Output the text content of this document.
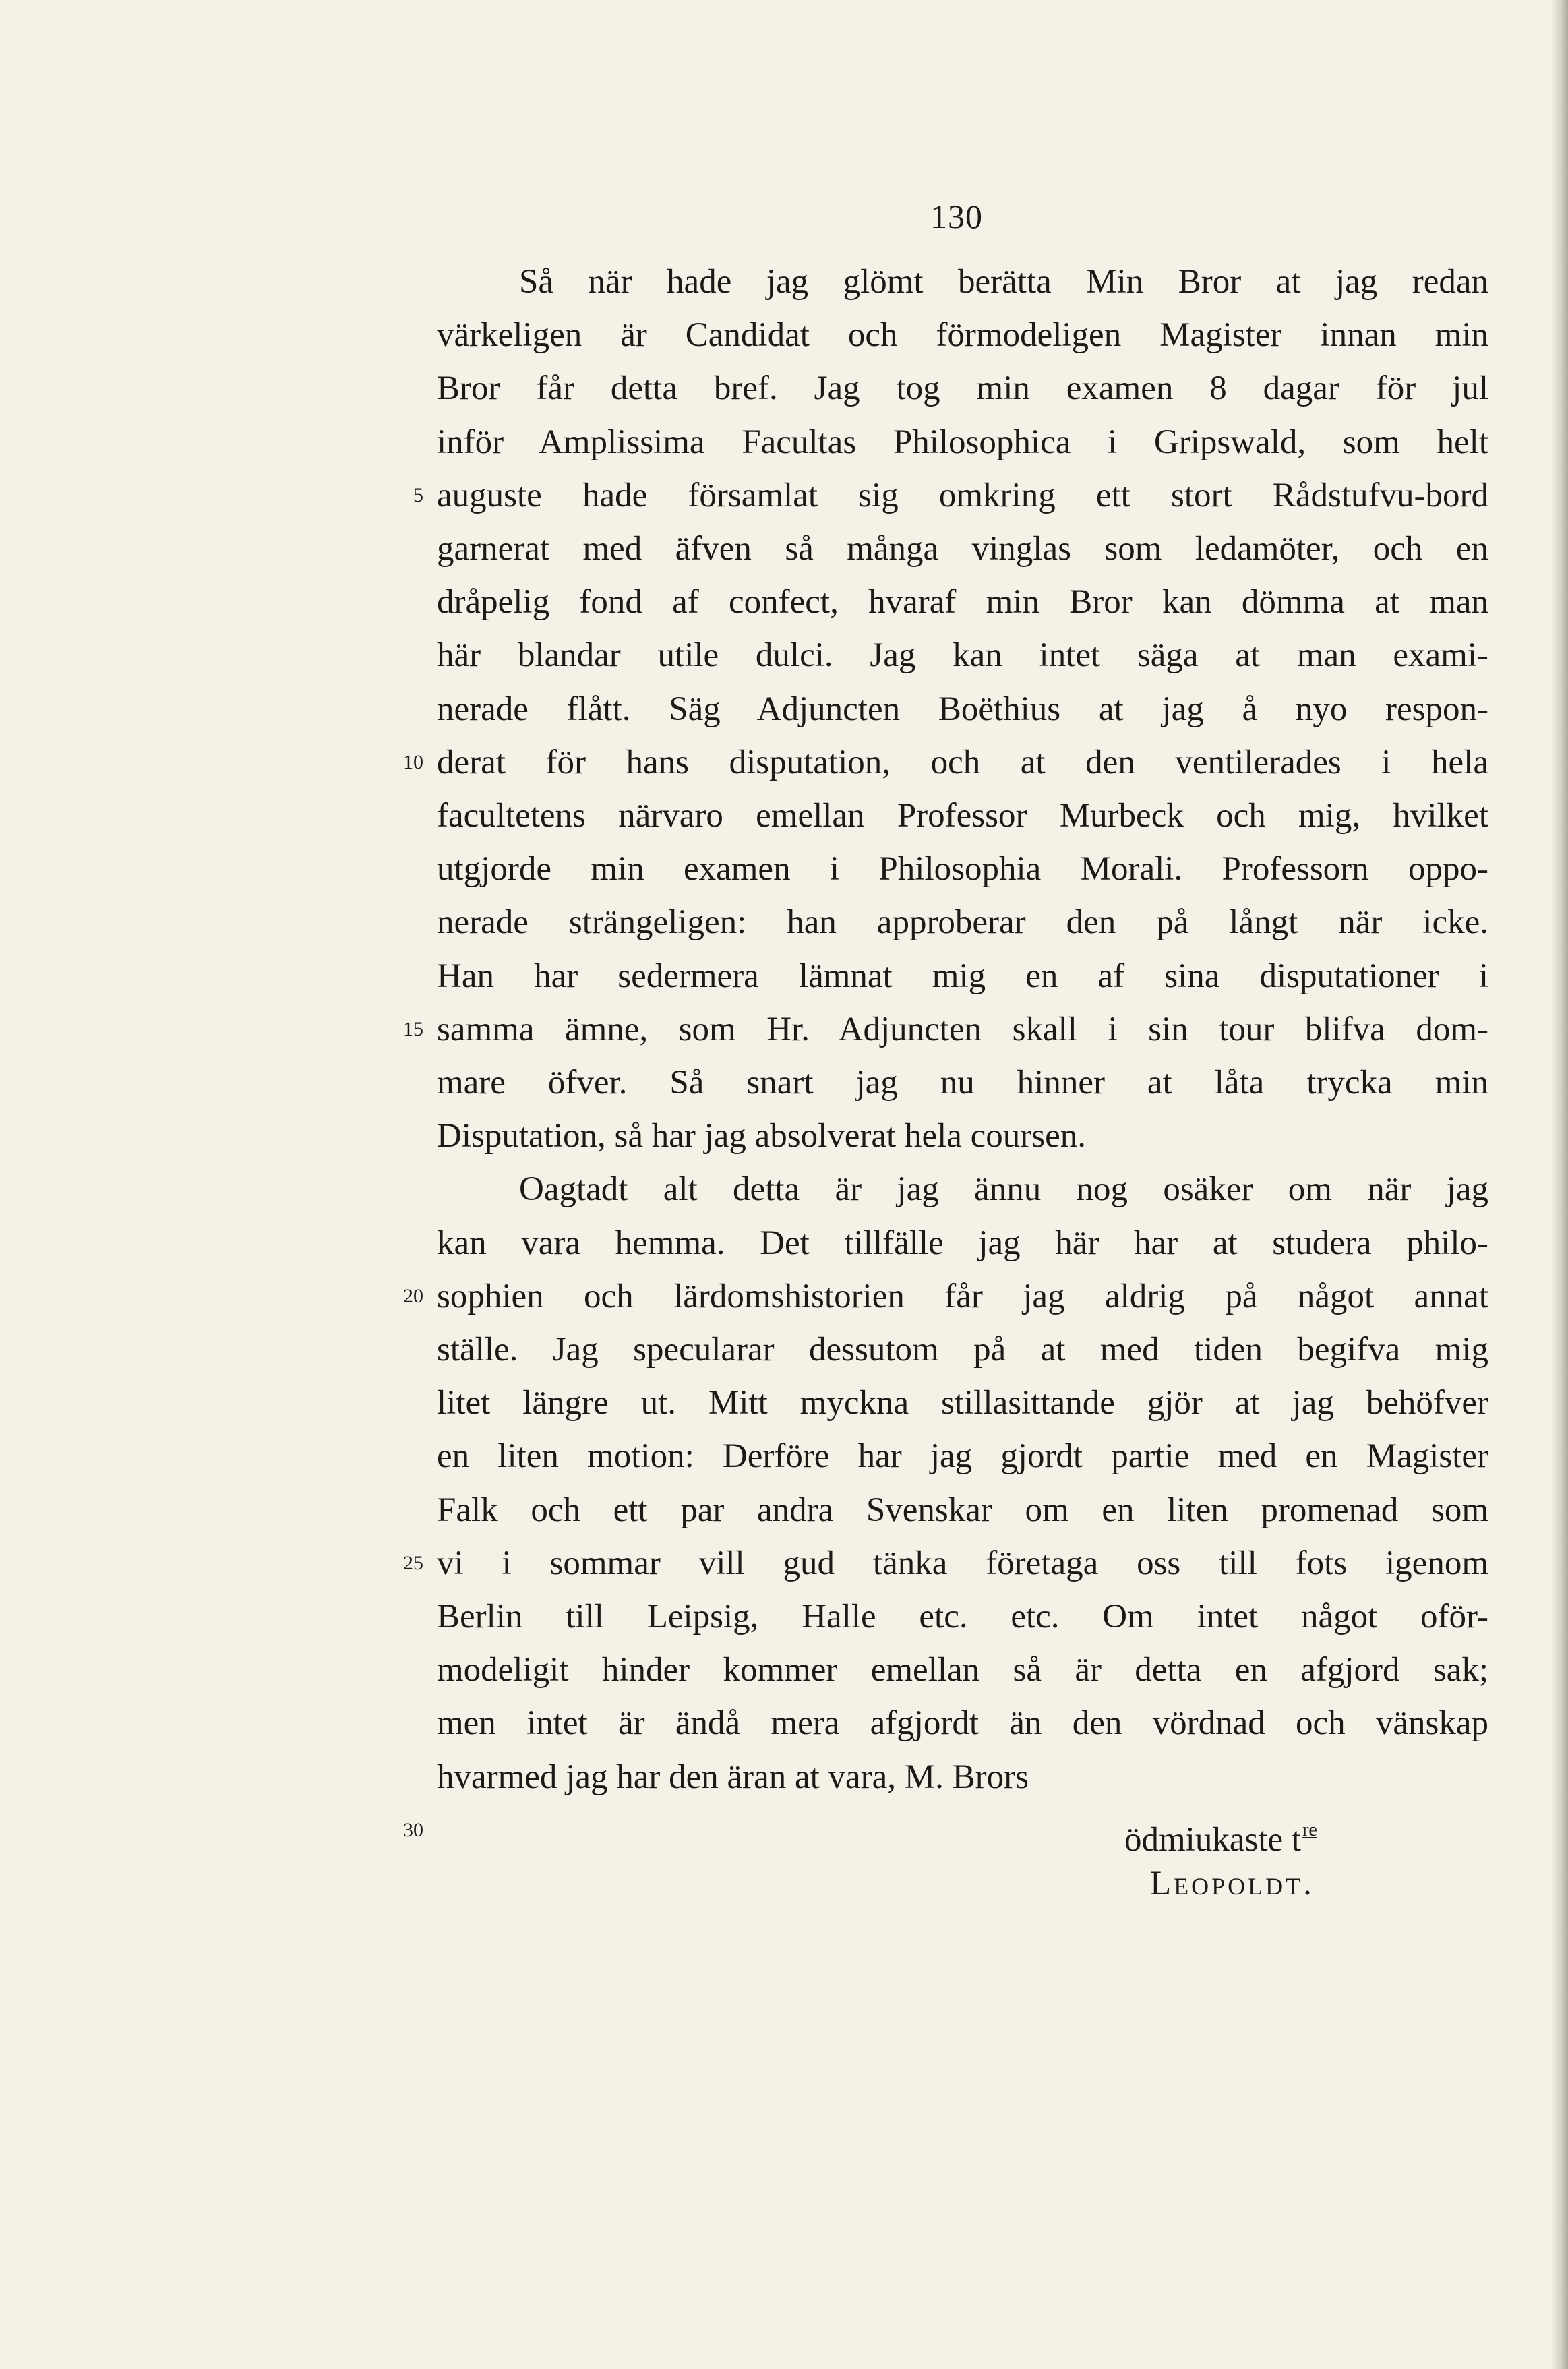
130
Så när hade jag glömt berätta Min Bror at jag redan
värkeligen är Candidat och förmodeligen Magister innan min
Bror får detta bref. Jag tog min examen 8 dagar för jul
inför Amplissima Facultas Philosophica i Gripswald, som helt
auguste hade församlat sig omkring ett stort Rådstufvu-bord
5
garnerat med äfven så många vinglas som ledamöter, och en
dråpelig fond af confect, hvaraf min Bror kan dömma at man
här blandar utile dulci. Jag kan intet säga at man exami-
nerade flått. Säg Adjuncten Boëthius at jag å nyo respon-
derat för hans disputation, och at den ventilerades i hela
10
facultetens närvaro emellan Professor Murbeck och mig, hvilket
utgjorde min examen i Philosophia Morali. Professorn oppo-
nerade strängeligen: han approberar den på långt när icke.
Han har sedermera lämnat mig en af sina disputationer i
samma ämne, som Hr. Adjuncten skall i sin tour blifva dom-
15
mare öfver. Så snart jag nu hinner at låta trycka min
Disputation, så har jag absolverat hela coursen.
Oagtadt alt detta är jag ännu nog osäker om när jag
kan vara hemma. Det tillfälle jag här har at studera philo-
sophien och lärdomshistorien får jag aldrig på något annat
20
ställe. Jag specularar dessutom på at med tiden begifva mig
litet längre ut. Mitt myckna stillasittande gjör at jag behöfver
en liten motion: Derföre har jag gjordt partie med en Magister
Falk och ett par andra Svenskar om en liten promenad som
vi i sommar vill gud tänka företaga oss till fots igenom
25
Berlin till Leipsig, Halle etc. etc. Om intet något oför-
modeligit hinder kommer emellan så är detta en afgjord sak;
men intet är ändå mera afgjordt än den vördnad och vänskap
hvarmed jag har den äran at vara, M. Brors
30	ödmiukaste $t^{re}$
Leopoldt.
